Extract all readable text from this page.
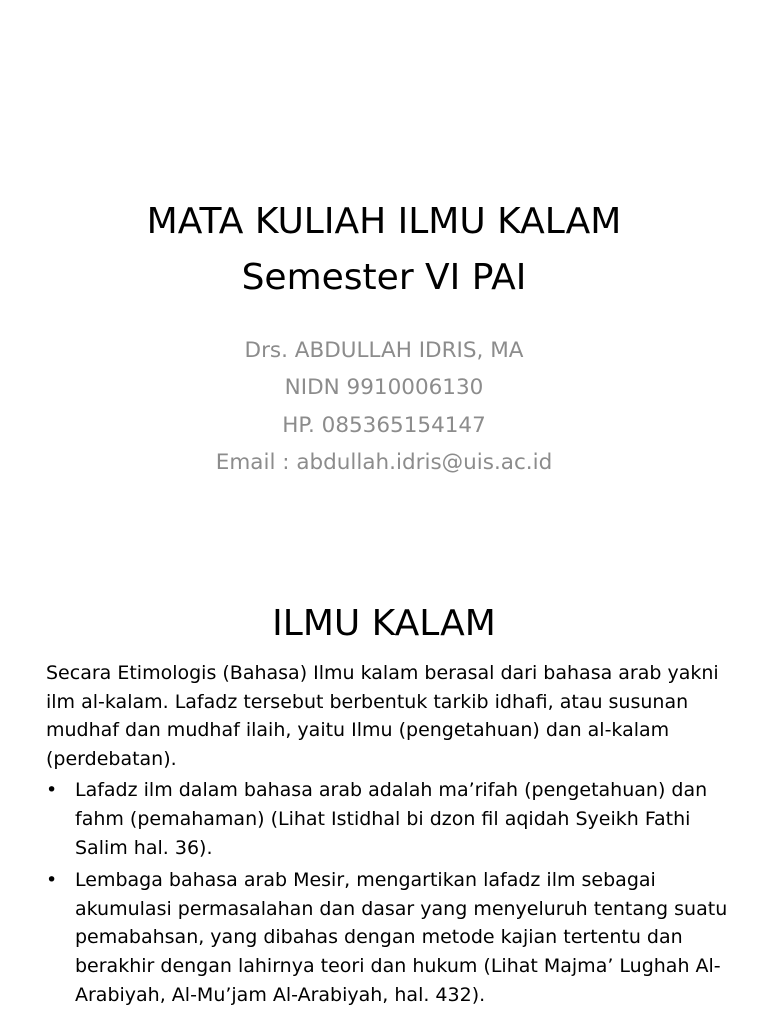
MATA KULIAH ILMU KALAM
Semester VI PAI
Drs. ABDULLAH IDRIS, MA
NIDN 9910006130
HP. 085365154147
Email : abdullah.idris@uis.ac.id
ILMU KALAM

Secara Etimologis (Bahasa) Ilmu kalam berasal dari bahasa arab yakni ilm al-kalam. Lafadz tersebut berbentuk tarkib idhafi, atau susunan mudhaf dan mudhaf ilaih, yaitu Ilmu (pengetahuan) dan al-kalam (perdebatan).

• Lafadz ilm dalam bahasa arab adalah ma’rifah (pengetahuan) dan fahm (pemahaman) (Lihat Istidhal bi dzon fil aqidah Syeikh Fathi Salim hal. 36).
• Lembaga bahasa arab Mesir, mengartikan lafadz ilm sebagai akumulasi permasalahan dan dasar yang menyeluruh tentang suatu pemabahsan, yang dibahas dengan metode kajian tertentu dan berakhir dengan lahirnya teori dan hukum (Lihat Majma’ Lughah Al-Arabiyah, Al-Mu’jam Al-Arabiyah, hal. 432).
